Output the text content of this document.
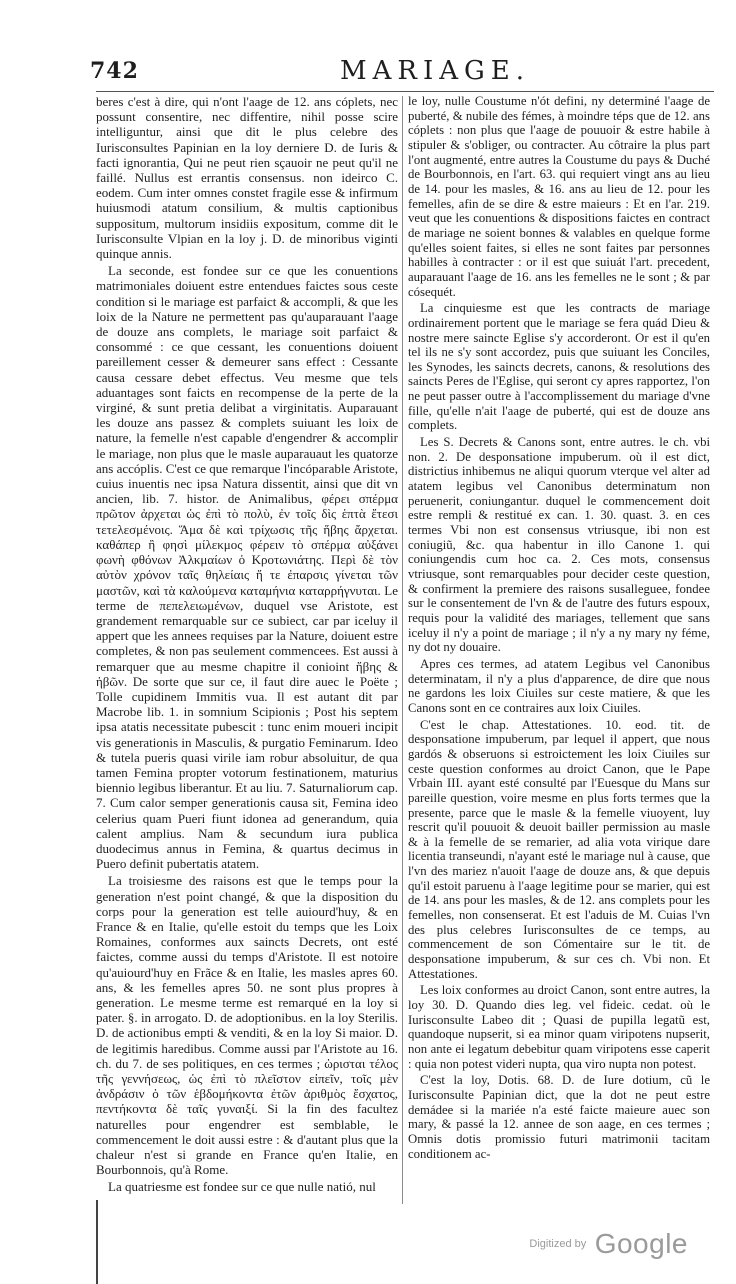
742	MARIAGE.

beres c'est à dire, qui n'ont l'aage de 12. ans cóplets, nec possunt consentire, nec diffentire, nihil posse scire intelliguntur, ainsi que dit le plus celebre des Iurisconsultes Papinian en la loy derniere D. de Iuris & facti ignorantia, Qui ne peut rien sçauoir ne peut qu'il ne faillé. Nullus est errantis consensus. non ideirco C. eodem. Cum inter omnes constet fragile esse & infirmum huiusmodi atatum consilium, & multis captionibus suppositum, multorum insidiis expositum, comme dit le Iurisconsulte Vlpian en la loy j. D. de minoribus viginti quinque annis.

La seconde, est fondee sur ce que les conuentions matrimoniales doiuent estre entendues faictes sous ceste condition si le mariage est parfaict & accompli, & que les loix de la Nature ne permettent pas qu'auparauant l'aage de douze ans complets, le mariage soit parfaict & consommé : ce que cessant, les conuentions doiuent pareillement cesser & demeurer sans effect : Cessante causa cessare debet effectus. Veu mesme que tels aduantages sont faicts en recompense de la perte de la virginé, & sunt pretia delibat a virginitatis. Auparauant les douze ans passez & complets suiuant les loix de nature, la femelle n'est capable d'engendrer & accomplir le mariage, non plus que le masle auparauaut les quatorze ans accóplis. C'est ce que remarque l'incóparable Aristote, cuius inuentis nec ipsa Natura dissentit, ainsi que dit vn ancien, lib. 7. histor. de Animalibus, φέρει σπέρμα πρῶτον ἀρχεται ὡς ἐπὶ τὸ πολὺ, ἐν τοῖς δὶς ἑπτὰ ἔτεσι τετελεσμένοις. Ἅμα δὲ καὶ τρίχωσις τῆς ἥβης ἄρχεται. καθάπερ ἢ φησὶ μίλεκμος φέρειν τὸ σπέρμα αὐξάνει φωνὴ φθόνων Ἀλκμαίων ὁ Κροτωνιάτης. Περὶ δὲ τὸν αὐτὸν χρόνον ταῖς θηλείαις ἥ τε ἐπαρσις γίνεται τῶν μαστῶν, καὶ τὰ καλούμενα καταμήνια καταρρήγνυται. Le terme de πεπελειωμένων, duquel vse Aristote, est grandement remarquable sur ce subiect, car par iceluy il appert que les annees requises par la Nature, doiuent estre completes, & non pas seulement commencees. Est aussi à remarquer que au mesme chapitre il conioint ἥβης & ἡβῶν. De sorte que sur ce, il faut dire auec le Poëte ; Tolle cupidinem Immitis vua. Il est autant dit par Macrobe lib. 1. in somnium Scipionis ; Post his septem ipsa atatis necessitate pubescit : tunc enim moueri incipit vis generationis in Masculis, & purgatio Feminarum. Ideo & tutela pueris quasi virile iam robur absoluitur, de qua tamen Femina propter votorum festinationem, maturius biennio legibus liberantur. Et au liu. 7. Saturnaliorum cap. 7. Cum calor semper generationis causa sit, Femina ideo celerius quam Pueri fiunt idonea ad generandum, quia calent amplius. Nam & secundum iura publica duodecimus annus in Femina, & quartus decimus in Puero definit pubertatis atatem.

La troisiesme des raisons est que le temps pour la generation n'est point changé, & que la disposition du corps pour la generation est telle auiourd'huy, & en France & en Italie, qu'elle estoit du temps que les Loix Romaines, conformes aux saincts Decrets, ont esté faictes, comme aussi du temps d'Aristote. Il est notoire qu'auiourd'huy en Frãce & en Italie, les masles apres 60. ans, & les femelles apres 50. ne sont plus propres à generation. Le mesme terme est remarqué en la loy si pater. §. in arrogato. D. de adoptionibus. en la loy Sterilis. D. de actionibus empti & venditi, & en la loy Si maior. D. de legitimis haredibus. Comme aussi par l'Aristote au 16. ch. du 7. de ses politiques, en ces termes ; ὡρισται τέλος τῆς γεννήσεως, ὡς ἐπὶ τὸ πλεῖστον εἰπεῖν, τοῖς μὲν ἀνδράσιν ὁ τῶν ἑβδομήκοντα ἐτῶν ἀριθμὸς ἔσχατος, πεντήκοντα δὲ ταῖς γυναιξί. Si la fin des facultez naturelles pour engendrer est semblable, le commencement le doit aussi estre : & d'autant plus que la chaleur n'est si grande en France qu'en Italie, en Bourbonnois, qu'à Rome.

La quatriesme est fondee sur ce que nulle natió, nul

le loy, nulle Coustume n'ót defini, ny determiné l'aage de puberté, & nubile des fémes, à moindre téps que de 12. ans cóplets : non plus que l'aage de pouuoir & estre habile à stipuler & s'obliger, ou contracter. Au côtraire la plus part l'ont augmenté, entre autres la Coustume du pays & Duché de Bourbonnois, en l'art. 63. qui requiert vingt ans au lieu de 14. pour les masles, & 16. ans au lieu de 12. pour les femelles, afin de se dire & estre maieurs : Et en l'ar. 219. veut que les conuentions & dispositions faictes en contract de mariage ne soient bonnes & valables en quelque forme qu'elles soient faites, si elles ne sont faites par personnes habilles à contracter : or il est que suiuát l'art. precedent, auparauant l'aage de 16. ans les femelles ne le sont ; & par cósequét.

La cinquiesme est que les contracts de mariage ordinairement portent que le mariage se fera quád Dieu & nostre mere saincte Eglise s'y accorderont. Or est il qu'en tel ils ne s'y sont accordez, puis que suiuant les Conciles, les Synodes, les saincts decrets, canons, & resolutions des saincts Peres de l'Eglise, qui seront cy apres rapportez, l'on ne peut passer outre à l'accomplissement du mariage d'vne fille, qu'elle n'ait l'aage de puberté, qui est de douze ans complets.

Les S. Decrets & Canons sont, entre autres. le ch. vbi non. 2. De desponsatione impuberum. où il est dict, districtius inhibemus ne aliqui quorum vterque vel alter ad atatem legibus vel Canonibus determinatum non peruenerit, coniungantur. duquel le commencement doit estre rempli & restitué ex can. 1. 30. quast. 3. en ces termes Vbi non est consensus vtriusque, ibi non est coniugiũ, &c. qua habentur in illo Canone 1. qui coniungendis cum hoc ca. 2. Ces mots, consensus vtriusque, sont remarquables pour decider ceste question, & confirment la premiere des raisons susalleguee, fondee sur le consentement de l'vn & de l'autre des futurs espoux, requis pour la validité des mariages, tellement que sans iceluy il n'y a point de mariage ; il n'y a ny mary ny féme, ny dot ny douaire.

Apres ces termes, ad atatem Legibus vel Canonibus determinatam, il n'y a plus d'apparence, de dire que nous ne gardons les loix Ciuiles sur ceste matiere, & que les Canons sont en ce contraires aux loix Ciuiles.

C'est le chap. Attestationes. 10. eod. tit. de desponsatione impuberum, par lequel il appert, que nous gardós & obseruons si estroictement les loix Ciuiles sur ceste question conformes au droict Canon, que le Pape Vrbain III. ayant esté consulté par l'Euesque du Mans sur pareille question, voire mesme en plus forts termes que la presente, parce que le masle & la femelle viuoyent, luy rescrit qu'il pouuoit & deuoit bailler permission au masle & à la femelle de se remarier, ad alia vota virique dare licentia transeundi, n'ayant esté le mariage nul à cause, que l'vn des mariez n'auoit l'aage de douze ans, & que depuis qu'il estoit paruenu à l'aage legitime pour se marier, qui est de 14. ans pour les masles, & de 12. ans complets pour les femelles, non consenserat. Et est l'aduis de M. Cuias l'vn des plus celebres Iurisconsultes de ce temps, au commencement de son Cómentaire sur le tit. de desponsatione impuberum, & sur ces ch. Vbi non. Et Attestationes.

Les loix conformes au droict Canon, sont entre autres, la loy 30. D. Quando dies leg. vel fideic. cedat. où le Iurisconsulte Labeo dit ; Quasi de pupilla legatũ est, quandoque nupserit, si ea minor quam viripotens nupserit, non ante ei legatum debebitur quam viripotens esse caperit : quia non potest videri nupta, qua viro nupta non potest.

C'est la loy, Dotis. 68. D. de Iure dotium, cũ le Iurisconsulte Papinian dict, que la dot ne peut estre demádee si la mariée n'a esté faicte maieure auec son mary, & passé la 12. annee de son aage, en ces termes ; Omnis dotis promissio futuri matrimonii tacitam conditionem ac-

$^{Digitized by}$ Google
